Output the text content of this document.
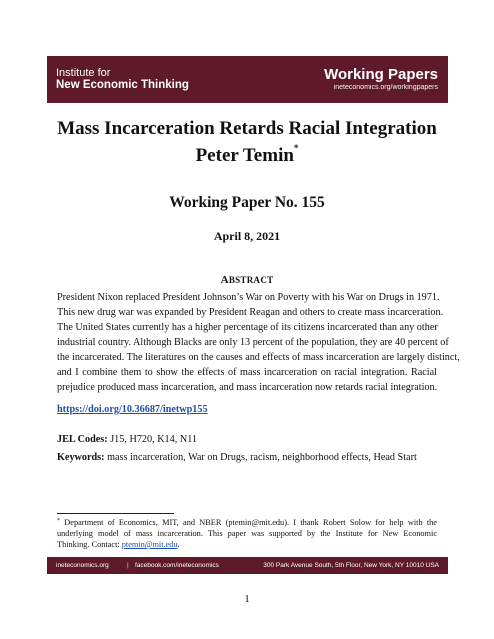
Institute for
New Economic Thinking
Working Papers
ineteconomics.org/workingpapers
Mass Incarceration Retards Racial Integration
Peter Temin*
Working Paper No. 155
April 8, 2021
ABSTRACT
President Nixon replaced President Johnson’s War on Poverty with his War on Drugs in 1971.
This new drug war was expanded by President Reagan and others to create mass incarceration.
The United States currently has a higher percentage of its citizens incarcerated than any other
industrial country. Although Blacks are only 13 percent of the population, they are 40 percent of
the incarcerated. The literatures on the causes and effects of mass incarceration are largely distinct,
and I combine them to show the effects of mass incarceration on racial integration. Racial
prejudice produced mass incarceration, and mass incarceration now retards racial integration.
https://doi.org/10.36687/inetwp155
JEL Codes: J15, H720, K14, N11
Keywords: mass incarceration, War on Drugs, racism, neighborhood effects, Head Start
* Department of Economics, MIT, and NBER (ptemin@mit.edu). I thank Robert Solow for help with the
underlying model of mass incarceration. This paper was supported by the Institute for New Economic
Thinking. Contact: ptemin@mit.edu.
ineteconomics.org	| facebook.com/ineteconomics	300 Park Avenue South, 5th Floor, New York, NY 10010 USA
1
